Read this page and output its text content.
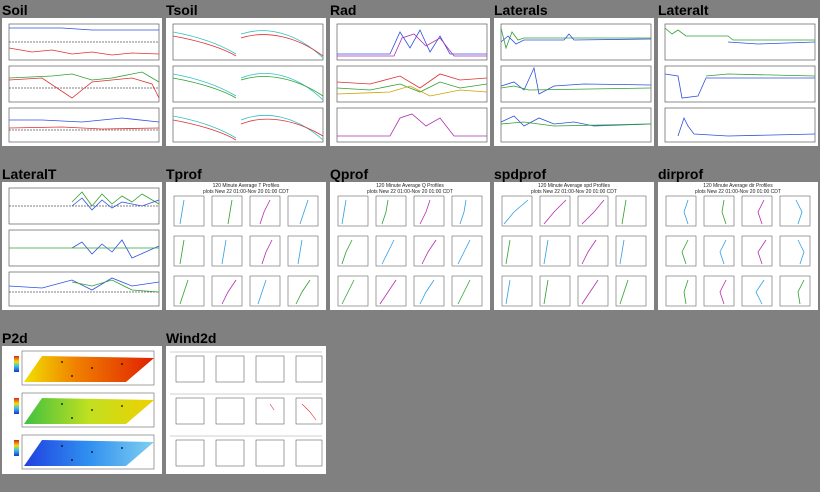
Soil	Tsoil	Rad	Laterals	Lateralt
LateralT	Tprof
120 Minute Average T Profiles
plots New 22 01:00-Nov 20 01:00 CDT
Qprof
120 Minute Average Q Profiles
plots New 22 01:00-Nov 20 01:00 CDT
spdprof
120 Minute Average spd Profiles
plots New 22 01:00-Nov 20 01:00 CDT
dirprof
120 Minute Average dir Profiles
plots New 22 01:00-Nov 20 01:00 CDT
P2d	Wind2d
